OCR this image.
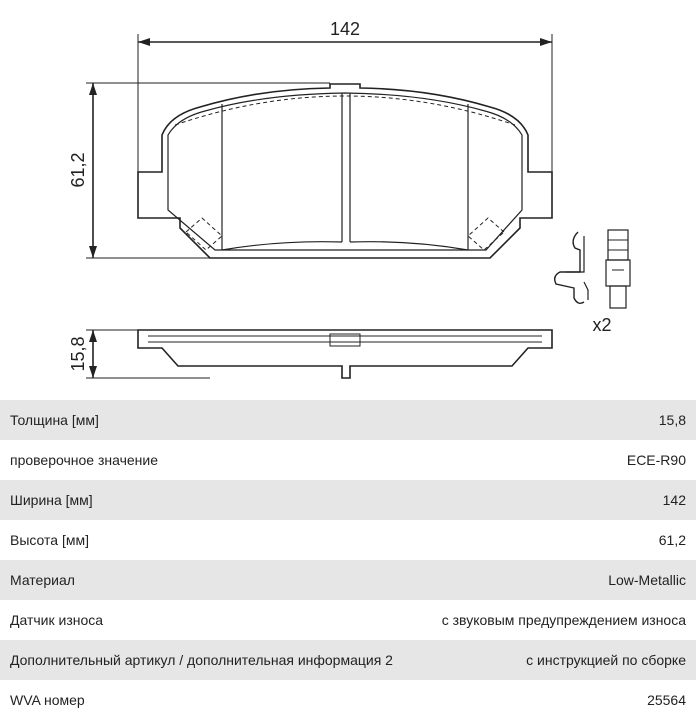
142
61,2
15,8
x2
Толщина [мм]	15,8
проверочное значение	ECE-R90
Ширина [мм]	142
Высота [мм]	61,2
Материал	Low-Metallic
Датчик износа	с звуковым предупреждением износа
Дополнительный артикул / дополнительная информация 2	с инструкцией по сборке
WVA номер	25564
